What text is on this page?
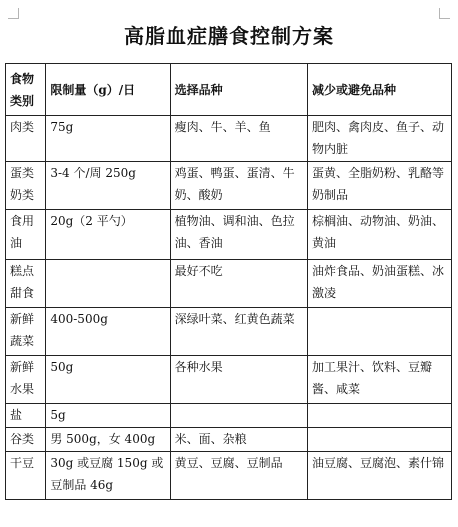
高脂血症膳食控制方案
食物类别	限制量（g）/日	选择品种	减少或避免品种
肉类	75g	瘦肉、牛、羊、鱼	肥肉、禽肉皮、鱼子、动物内脏
蛋类奶类	3-4 个/周 250g	鸡蛋、鸭蛋、蛋清、牛奶、酸奶	蛋黄、全脂奶粉、乳酪等奶制品
食用油	20g（2 平勺）	植物油、调和油、色拉油、香油	棕榈油、动物油、奶油、黄油
糕点甜食		最好不吃	油炸食品、奶油蛋糕、冰激凌
新鲜蔬菜	400-500g	深绿叶菜、红黄色蔬菜	
新鲜水果	50g	各种水果	加工果汁、饮料、豆瓣酱、咸菜
盐	5g		
谷类	男 500g，女 400g	米、面、杂粮	
干豆	30g 或豆腐 150g 或豆制品 46g	黄豆、豆腐、豆制品	油豆腐、豆腐泡、素什锦
